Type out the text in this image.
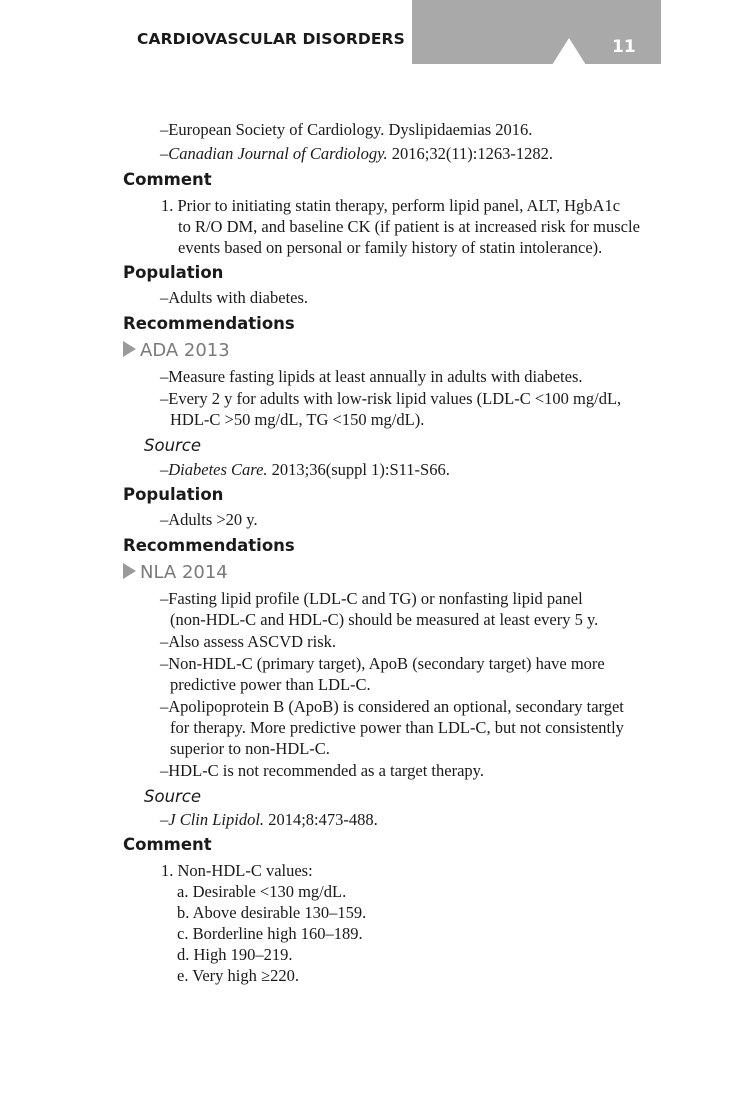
CARDIOVASCULAR DISORDERS	11
–European Society of Cardiology. Dyslipidaemias 2016.
–Canadian Journal of Cardiology. 2016;32(11):1263-1282.
Comment
1. Prior to initiating statin therapy, perform lipid panel, ALT, HgbA1c
to R/O DM, and baseline CK (if patient is at increased risk for muscle
events based on personal or family history of statin intolerance).
Population
–Adults with diabetes.
Recommendations
ADA 2013
–Measure fasting lipids at least annually in adults with diabetes.
–Every 2 y for adults with low-risk lipid values (LDL-C <100 mg/dL,
HDL-C >50 mg/dL, TG <150 mg/dL).
Source
–Diabetes Care. 2013;36(suppl 1):S11-S66.
Population
–Adults >20 y.
Recommendations
NLA 2014
–Fasting lipid profile (LDL-C and TG) or nonfasting lipid panel
(non-HDL-C and HDL-C) should be measured at least every 5 y.
–Also assess ASCVD risk.
–Non-HDL-C (primary target), ApoB (secondary target) have more
predictive power than LDL-C.
–Apolipoprotein B (ApoB) is considered an optional, secondary target
for therapy. More predictive power than LDL-C, but not consistently
superior to non-HDL-C.
–HDL-C is not recommended as a target therapy.
Source
–J Clin Lipidol. 2014;8:473-488.
Comment
1. Non-HDL-C values:
a. Desirable <130 mg/dL.
b. Above desirable 130–159.
c. Borderline high 160–189.
d. High 190–219.
e. Very high ≥220.
